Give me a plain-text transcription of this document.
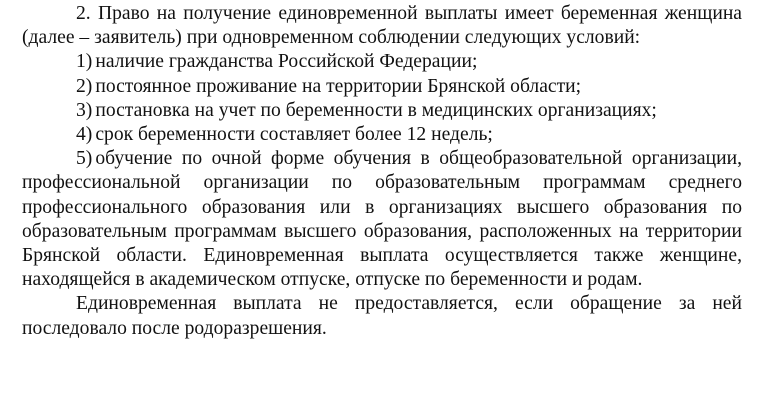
2. Право на получение единовременной выплаты имеет беременная женщина (далее – заявитель) при одновременном соблюдении следующих условий:

1) наличие гражданства Российской Федерации;

2) постоянное проживание на территории Брянской области;

3) постановка на учет по беременности в медицинских организациях;

4) срок беременности составляет более 12 недель;

5) обучение по очной форме обучения в общеобразовательной организации, профессиональной организации по образовательным программам среднего профессионального образования или в организациях высшего образования по образовательным программам высшего образования, расположенных на территории Брянской области. Единовременная выплата осуществляется также женщине, находящейся в академическом отпуске, отпуске по беременности и родам.

Единовременная выплата не предоставляется, если обращение за ней последовало после родоразрешения.
